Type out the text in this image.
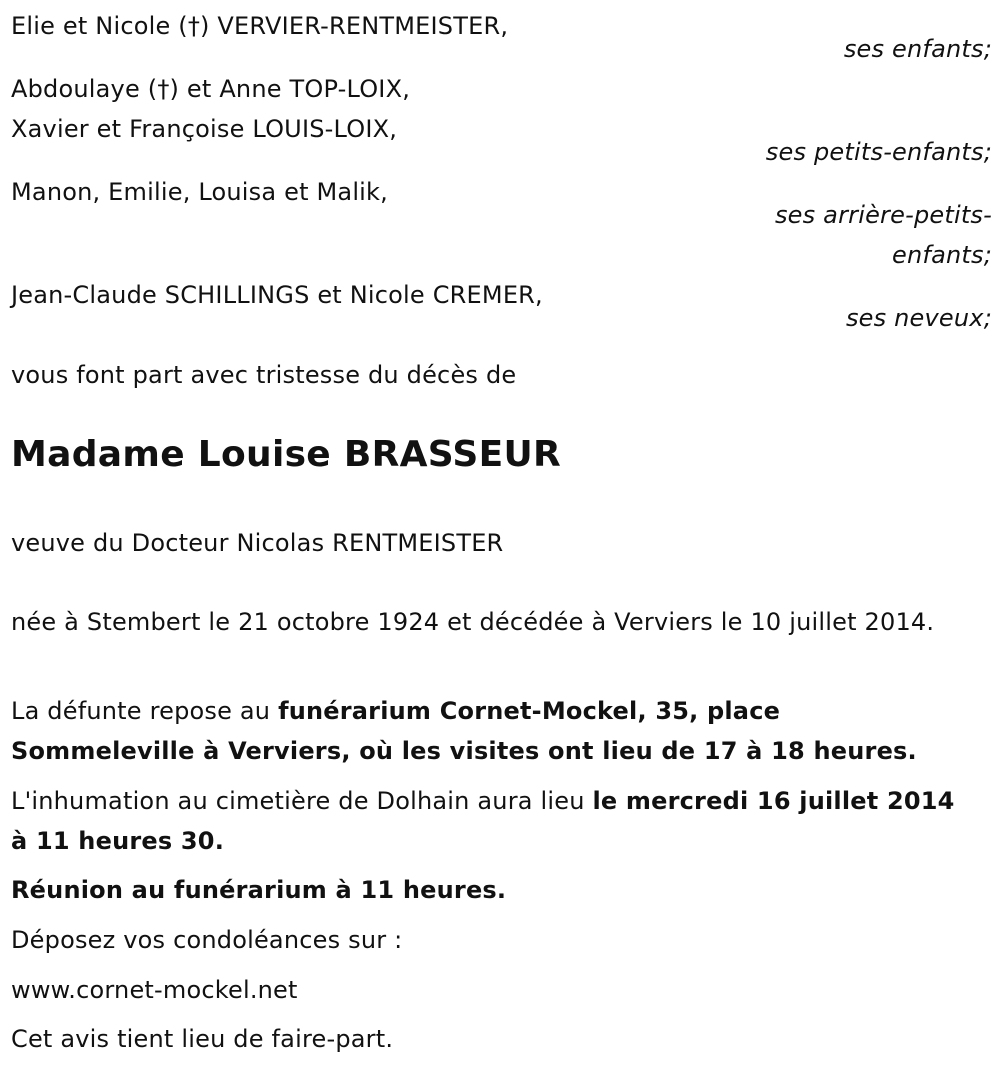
Elie et Nicole (†) VERVIER-RENTMEISTER,
ses enfants;
Abdoulaye (†) et Anne TOP-LOIX,
Xavier et Françoise LOUIS-LOIX,
ses petits-enfants;
Manon, Emilie, Louisa et Malik,
ses arrière-petits-
enfants;
Jean-Claude SCHILLINGS et Nicole CREMER,
ses neveux;
vous font part avec tristesse du décès de
Madame Louise BRASSEUR
veuve du Docteur Nicolas RENTMEISTER
née à Stembert le 21 octobre 1924 et décédée à Verviers le 10 juillet 2014.
La défunte repose au funérarium Cornet-Mockel, 35, place Sommeleville à Verviers, où les visites ont lieu de 17 à 18 heures.
L'inhumation au cimetière de Dolhain aura lieu le mercredi 16 juillet 2014 à 11 heures 30.
Réunion au funérarium à 11 heures.
Déposez vos condoléances sur :
www.cornet-mockel.net
Cet avis tient lieu de faire-part.
